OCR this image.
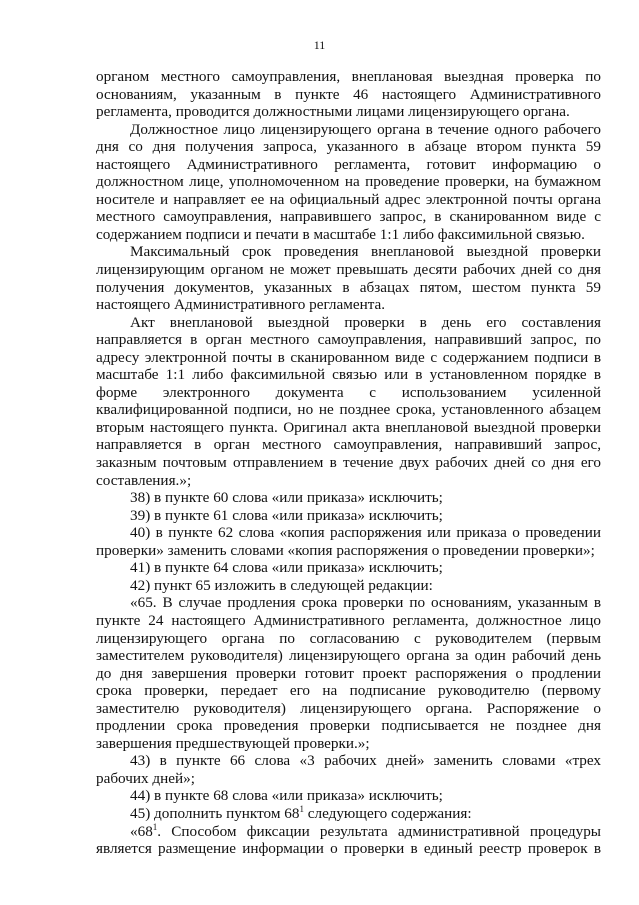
11
органом местного самоуправления, внеплановая выездная проверка по
основаниям, указанным в пункте 46 настоящего Административного
регламента, проводится должностными лицами лицензирующего органа.
Должностное лицо лицензирующего органа в течение одного рабочего
дня со дня получения запроса, указанного в абзаце втором пункта 59
настоящего Административного регламента, готовит информацию о
должностном лице, уполномоченном на проведение проверки, на бумажном
носителе и направляет ее на официальный адрес электронной почты органа
местного самоуправления, направившего запрос, в сканированном виде с
содержанием подписи и печати в масштабе 1:1 либо факсимильной связью.
Максимальный срок проведения внеплановой выездной проверки
лицензирующим органом не может превышать десяти рабочих дней со дня
получения документов, указанных в абзацах пятом, шестом пункта 59
настоящего Административного регламента.
Акт внеплановой выездной проверки в день его составления
направляется в орган местного самоуправления, направивший запрос, по
адресу электронной почты в сканированном виде с содержанием подписи в
масштабе 1:1 либо факсимильной связью или в установленном порядке в
форме электронного документа с использованием усиленной
квалифицированной подписи, но не позднее срока, установленного абзацем
вторым настоящего пункта. Оригинал акта внеплановой выездной проверки
направляется в орган местного самоуправления, направивший запрос,
заказным почтовым отправлением в течение двух рабочих дней со дня его
составления.»;
38) в пункте 60 слова «или приказа» исключить;
39) в пункте 61 слова «или приказа» исключить;
40) в пункте 62 слова «копия распоряжения или приказа о проведении
проверки» заменить словами «копия распоряжения о проведении проверки»;
41) в пункте 64 слова «или приказа» исключить;
42) пункт 65 изложить в следующей редакции:
«65. В случае продления срока проверки по основаниям, указанным в
пункте 24 настоящего Административного регламента, должностное лицо
лицензирующего органа по согласованию с руководителем (первым
заместителем руководителя) лицензирующего органа за один рабочий день
до дня завершения проверки готовит проект распоряжения о продлении
срока проверки, передает его на подписание руководителю (первому
заместителю руководителя) лицензирующего органа. Распоряжение о
продлении срока проведения проверки подписывается не позднее дня
завершения предшествующей проверки.»;
43) в пункте 66 слова «3 рабочих дней» заменить словами «трех
рабочих дней»;
44) в пункте 68 слова «или приказа» исключить;
45) дополнить пунктом $68^1$ следующего содержания:
«$68^1$. Способом фиксации результата административной процедуры
является размещение информации о проверки в единый реестр проверок в
